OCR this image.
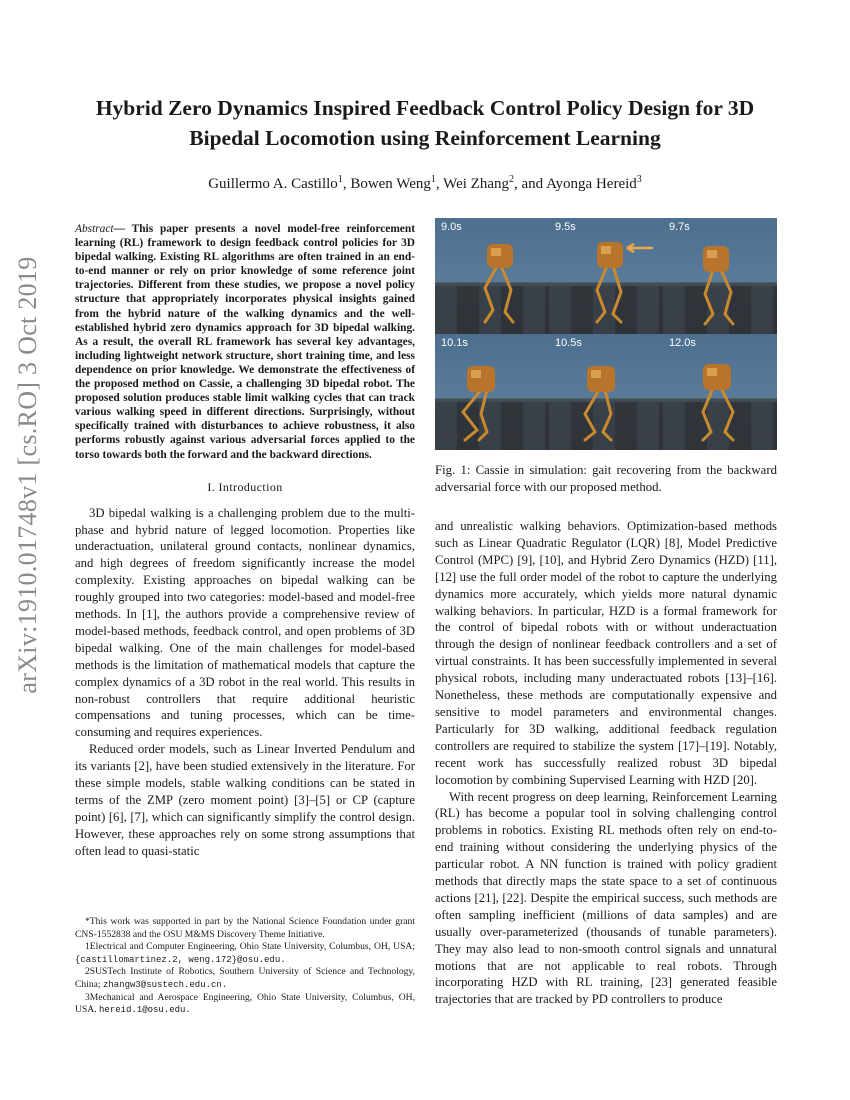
arXiv:1910.01748v1 [cs.RO] 3 Oct 2019
Hybrid Zero Dynamics Inspired Feedback Control Policy Design for 3D Bipedal Locomotion using Reinforcement Learning
Guillermo A. Castillo$^1$, Bowen Weng$^1$, Wei Zhang$^2$, and Ayonga Hereid$^3$

Abstract— This paper presents a novel model-free reinforcement learning (RL) framework to design feedback control policies for 3D bipedal walking. Existing RL algorithms are often trained in an end-to-end manner or rely on prior knowledge of some reference joint trajectories. Different from these studies, we propose a novel policy structure that appropriately incorporates physical insights gained from the hybrid nature of the walking dynamics and the well-established hybrid zero dynamics approach for 3D bipedal walking. As a result, the overall RL framework has several key advantages, including lightweight network structure, short training time, and less dependence on prior knowledge. We demonstrate the effectiveness of the proposed method on Cassie, a challenging 3D bipedal robot. The proposed solution produces stable limit walking cycles that can track various walking speed in different directions. Surprisingly, without specifically trained with disturbances to achieve robustness, it also performs robustly against various adversarial forces applied to the torso towards both the forward and the backward directions.

I. Introduction

3D bipedal walking is a challenging problem due to the multi-phase and hybrid nature of legged locomotion. Properties like underactuation, unilateral ground contacts, nonlinear dynamics, and high degrees of freedom significantly increase the model complexity. Existing approaches on bipedal walking can be roughly grouped into two categories: model-based and model-free methods. In [1], the authors provide a comprehensive review of model-based methods, feedback control, and open problems of 3D bipedal walking. One of the main challenges for model-based methods is the limitation of mathematical models that capture the complex dynamics of a 3D robot in the real world. This results in non-robust controllers that require additional heuristic compensations and tuning processes, which can be time-consuming and requires experiences.

Reduced order models, such as Linear Inverted Pendulum and its variants [2], have been studied extensively in the literature. For these simple models, stable walking conditions can be stated in terms of the ZMP (zero moment point) [3]–[5] or CP (capture point) [6], [7], which can significantly simplify the control design. However, these approaches rely on some strong assumptions that often lead to quasi-static

*This work was supported in part by the National Science Foundation under grant CNS-1552838 and the OSU M&MS Discovery Theme Initiative.

1Electrical and Computer Engineering, Ohio State University, Columbus, OH, USA; {castillomartinez.2, weng.172}@osu.edu.

2SUSTech Institute of Robotics, Southern University of Science and Technology, China; zhangw3@sustech.edu.cn.

3Mechanical and Aerospace Engineering, Ohio State University, Columbus, OH, USA. hereid.1@osu.edu.

9.0s	9.5s	9.7s
10.1s	10.5s	12.0s

Fig. 1: Cassie in simulation: gait recovering from the backward adversarial force with our proposed method.

and unrealistic walking behaviors. Optimization-based methods such as Linear Quadratic Regulator (LQR) [8], Model Predictive Control (MPC) [9], [10], and Hybrid Zero Dynamics (HZD) [11], [12] use the full order model of the robot to capture the underlying dynamics more accurately, which yields more natural dynamic walking behaviors. In particular, HZD is a formal framework for the control of bipedal robots with or without underactuation through the design of nonlinear feedback controllers and a set of virtual constraints. It has been successfully implemented in several physical robots, including many underactuated robots [13]–[16]. Nonetheless, these methods are computationally expensive and sensitive to model parameters and environmental changes. Particularly for 3D walking, additional feedback regulation controllers are required to stabilize the system [17]–[19]. Notably, recent work has successfully realized robust 3D bipedal locomotion by combining Supervised Learning with HZD [20].

With recent progress on deep learning, Reinforcement Learning (RL) has become a popular tool in solving challenging control problems in robotics. Existing RL methods often rely on end-to-end training without considering the underlying physics of the particular robot. A NN function is trained with policy gradient methods that directly maps the state space to a set of continuous actions [21], [22]. Despite the empirical success, such methods are often sampling inefficient (millions of data samples) and are usually over-parameterized (thousands of tunable parameters). They may also lead to non-smooth control signals and unnatural motions that are not applicable to real robots. Through incorporating HZD with RL training, [23] generated feasible trajectories that are tracked by PD controllers to produce
